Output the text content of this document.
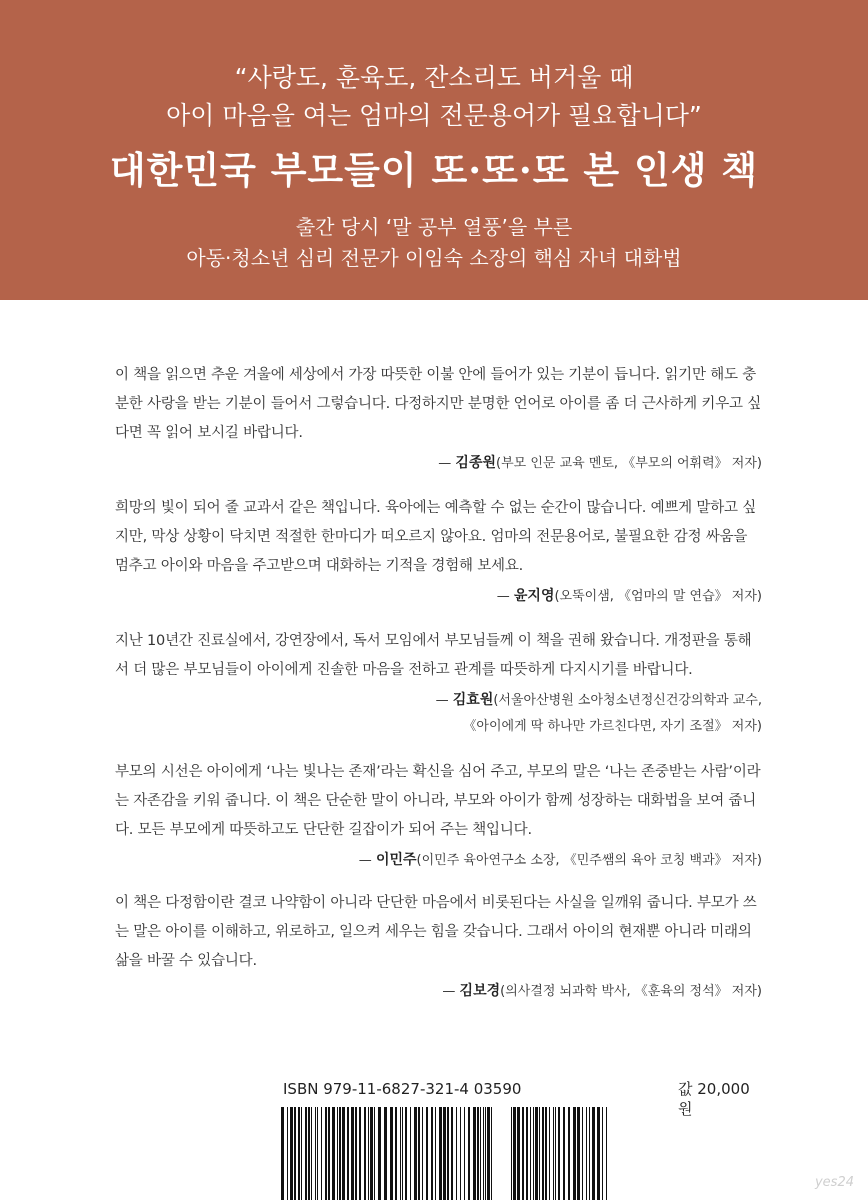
“사랑도, 훈육도, 잔소리도 버거울 때
아이 마음을 여는 엄마의 전문용어가 필요합니다”
대한민국 부모들이 또·또·또 본 인생 책
출간 당시 ‘말 공부 열풍’을 부른
아동·청소년 심리 전문가 이임숙 소장의 핵심 자녀 대화법
이 책을 읽으면 추운 겨울에 세상에서 가장 따뜻한 이불 안에 들어가 있는 기분이 듭니다. 읽기만 해도 충분한 사랑을 받는 기분이 들어서 그렇습니다. 다정하지만 분명한 언어로 아이를 좀 더 근사하게 키우고 싶다면 꼭 읽어 보시길 바랍니다.
— 김종원(부모 인문 교육 멘토, 《부모의 어휘력》 저자)
희망의 빛이 되어 줄 교과서 같은 책입니다. 육아에는 예측할 수 없는 순간이 많습니다. 예쁘게 말하고 싶지만, 막상 상황이 닥치면 적절한 한마디가 떠오르지 않아요. 엄마의 전문용어로, 불필요한 감정 싸움을 멈추고 아이와 마음을 주고받으며 대화하는 기적을 경험해 보세요.
— 윤지영(오뚝이샘, 《엄마의 말 연습》 저자)
지난 10년간 진료실에서, 강연장에서, 독서 모임에서 부모님들께 이 책을 권해 왔습니다. 개정판을 통해서 더 많은 부모님들이 아이에게 진솔한 마음을 전하고 관계를 따뜻하게 다지시기를 바랍니다.
— 김효원(서울아산병원 소아청소년정신건강의학과 교수,
《아이에게 딱 하나만 가르친다면, 자기 조절》 저자)
부모의 시선은 아이에게 ‘나는 빛나는 존재’라는 확신을 심어 주고, 부모의 말은 ‘나는 존중받는 사람’이라는 자존감을 키워 줍니다. 이 책은 단순한 말이 아니라, 부모와 아이가 함께 성장하는 대화법을 보여 줍니다. 모든 부모에게 따뜻하고도 단단한 길잡이가 되어 주는 책입니다.
— 이민주(이민주 육아연구소 소장, 《민주쌤의 육아 코칭 백과》 저자)
이 책은 다정함이란 결코 나약함이 아니라 단단한 마음에서 비롯된다는 사실을 일깨워 줍니다. 부모가 쓰는 말은 아이를 이해하고, 위로하고, 일으켜 세우는 힘을 갖습니다. 그래서 아이의 현재뿐 아니라 미래의 삶을 바꿀 수 있습니다.
— 김보경(의사결정 뇌과학 박사, 《훈육의 정석》 저자)
ISBN 979-11-6827-321-4 03590	값 20,000원
yes24
